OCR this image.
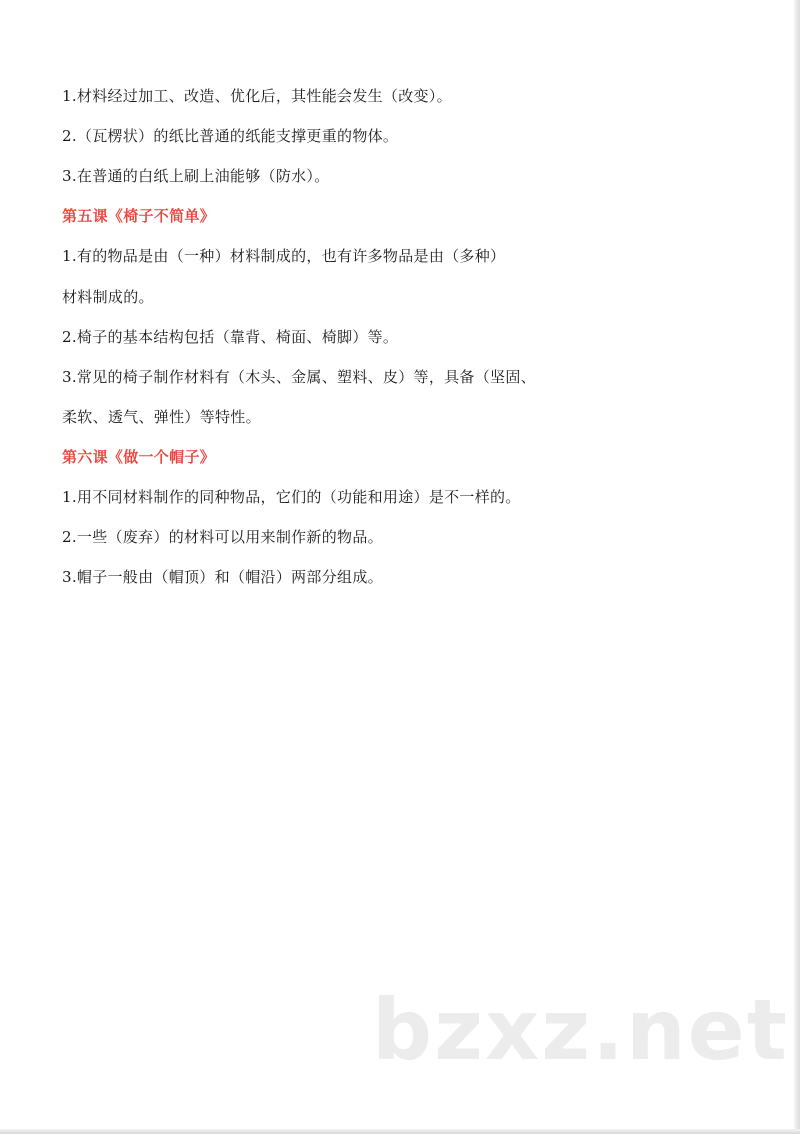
1.材料经过加工、改造、优化后，其性能会发生（改变）。
2.（瓦楞状）的纸比普通的纸能支撑更重的物体。
3.在普通的白纸上刷上油能够（防水）。
第五课《椅子不简单》
1.有的物品是由（一种）材料制成的，也有许多物品是由（多种）
材料制成的。
2.椅子的基本结构包括（靠背、椅面、椅脚）等。
3.常见的椅子制作材料有（木头、金属、塑料、皮）等，具备（坚固、
柔软、透气、弹性）等特性。
第六课《做一个帽子》
1.用不同材料制作的同种物品，它们的（功能和用途）是不一样的。
2.一些（废弃）的材料可以用来制作新的物品。
3.帽子一般由（帽顶）和（帽沿）两部分组成。
bzxz.net
